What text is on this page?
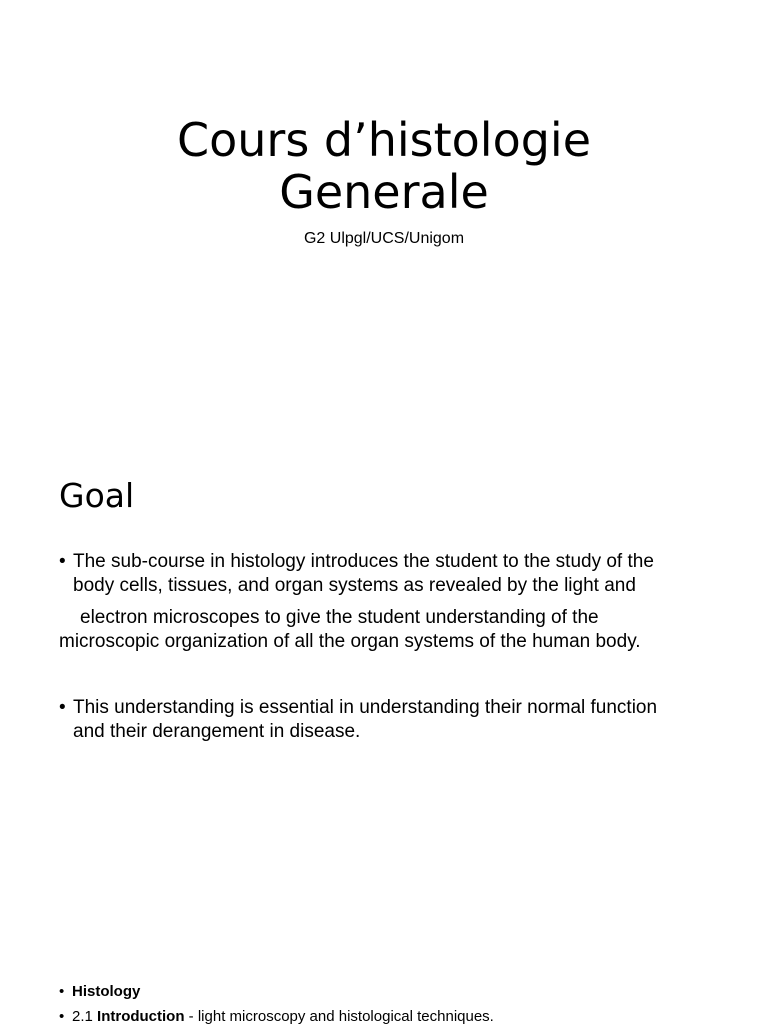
Cours d’histologie
Generale

G2 Ulpgl/UCS/Unigom

Goal
• The sub-course in histology introduces the student to the study of the
body cells, tissues, and organ systems as revealed by the light and
electron microscopes to give the student understanding of the
microscopic organization of all the organ systems of the human body.
• This understanding is essential in understanding their normal function
and their derangement in disease.
• Histology
• 2.1 Introduction - light microscopy and histological techniques.
